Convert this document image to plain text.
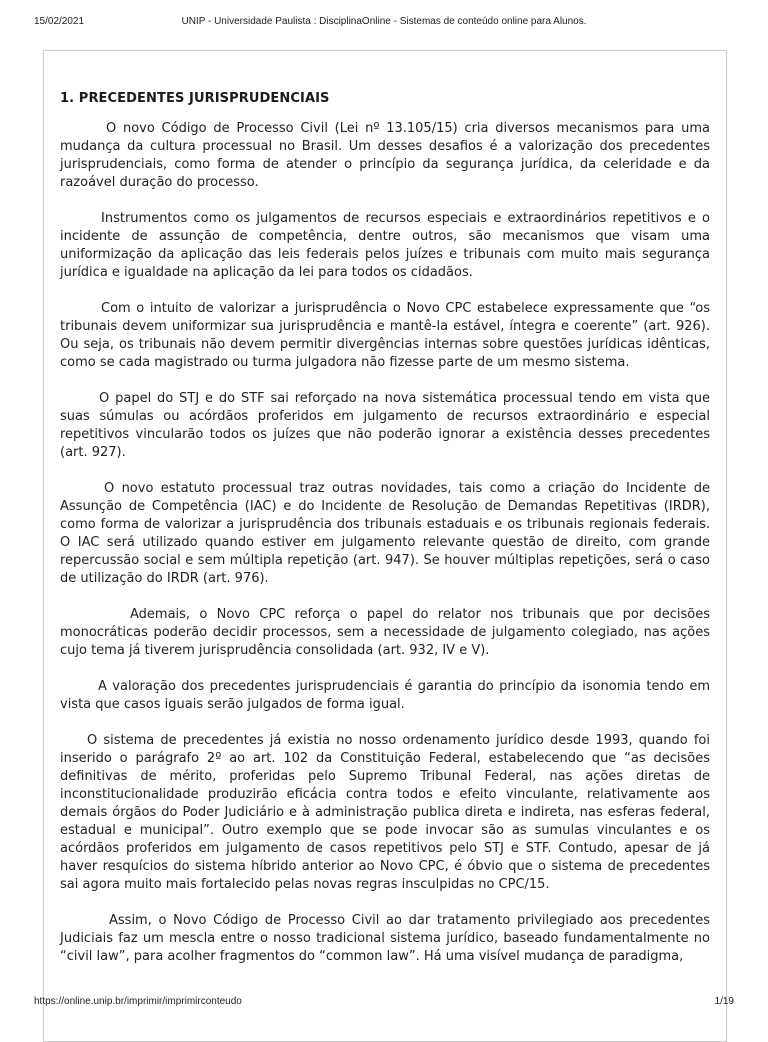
15/02/2021	UNIP - Universidade Paulista : DisciplinaOnline - Sistemas de conteúdo online para Alunos.
1. PRECEDENTES JURISPRUDENCIAIS

O novo Código de Processo Civil (Lei nº 13.105/15) cria diversos mecanismos para uma mudança da cultura processual no Brasil. Um desses desafios é a valorização dos precedentes jurisprudenciais, como forma de atender o princípio da segurança jurídica, da celeridade e da razoável duração do processo.

Instrumentos como os julgamentos de recursos especiais e extraordinários repetitivos e o incidente de assunção de competência, dentre outros, são mecanismos que visam uma uniformização da aplicação das leis federais pelos juízes e tribunais com muito mais segurança jurídica e igualdade na aplicação da lei para todos os cidadãos.

Com o intuito de valorizar a jurisprudência o Novo CPC estabelece expressamente que “os tribunais devem uniformizar sua jurisprudência e mantê-la estável, íntegra e coerente” (art. 926). Ou seja, os tribunais não devem permitir divergências internas sobre questões jurídicas idênticas, como se cada magistrado ou turma julgadora não fizesse parte de um mesmo sistema.

O papel do STJ e do STF sai reforçado na nova sistemática processual tendo em vista que suas súmulas ou acórdãos proferidos em julgamento de recursos extraordinário e especial repetitivos vincularão todos os juízes que não poderão ignorar a existência desses precedentes (art. 927).

O novo estatuto processual traz outras novidades, tais como a criação do Incidente de Assunção de Competência (IAC) e do Incidente de Resolução de Demandas Repetitivas (IRDR), como forma de valorizar a jurisprudência dos tribunais estaduais e os tribunais regionais federais. O IAC será utilizado quando estiver em julgamento relevante questão de direito, com grande repercussão social e sem múltipla repetição (art. 947). Se houver múltiplas repetições, será o caso de utilização do IRDR (art. 976).

Ademais, o Novo CPC reforça o papel do relator nos tribunais que por decisões monocráticas poderão decidir processos, sem a necessidade de julgamento colegiado, nas ações cujo tema já tiverem jurisprudência consolidada (art. 932, IV e V).

A valoração dos precedentes jurisprudenciais é garantia do princípio da isonomia tendo em vista que casos iguais serão julgados de forma igual.

O sistema de precedentes já existia no nosso ordenamento jurídico desde 1993, quando foi inserido o parágrafo 2º ao art. 102 da Constituição Federal, estabelecendo que “as decisões definitivas de mérito, proferidas pelo Supremo Tribunal Federal, nas ações diretas de inconstitucionalidade produzirão eficácia contra todos e efeito vinculante, relativamente aos demais órgãos do Poder Judiciário e à administração publica direta e indireta, nas esferas federal, estadual e municipal”. Outro exemplo que se pode invocar são as sumulas vinculantes e os acórdãos proferidos em julgamento de casos repetitivos pelo STJ e STF. Contudo, apesar de já haver resquícios do sistema híbrido anterior ao Novo CPC, é óbvio que o sistema de precedentes sai agora muito mais fortalecido pelas novas regras insculpidas no CPC/15.

Assim, o Novo Código de Processo Civil ao dar tratamento privilegiado aos precedentes Judiciais faz um mescla entre o nosso tradicional sistema jurídico, baseado fundamentalmente no “civil law”, para acolher fragmentos do “common law”. Há uma visível mudança de paradigma,

https://online.unip.br/imprimir/imprimirconteudo	1/19
